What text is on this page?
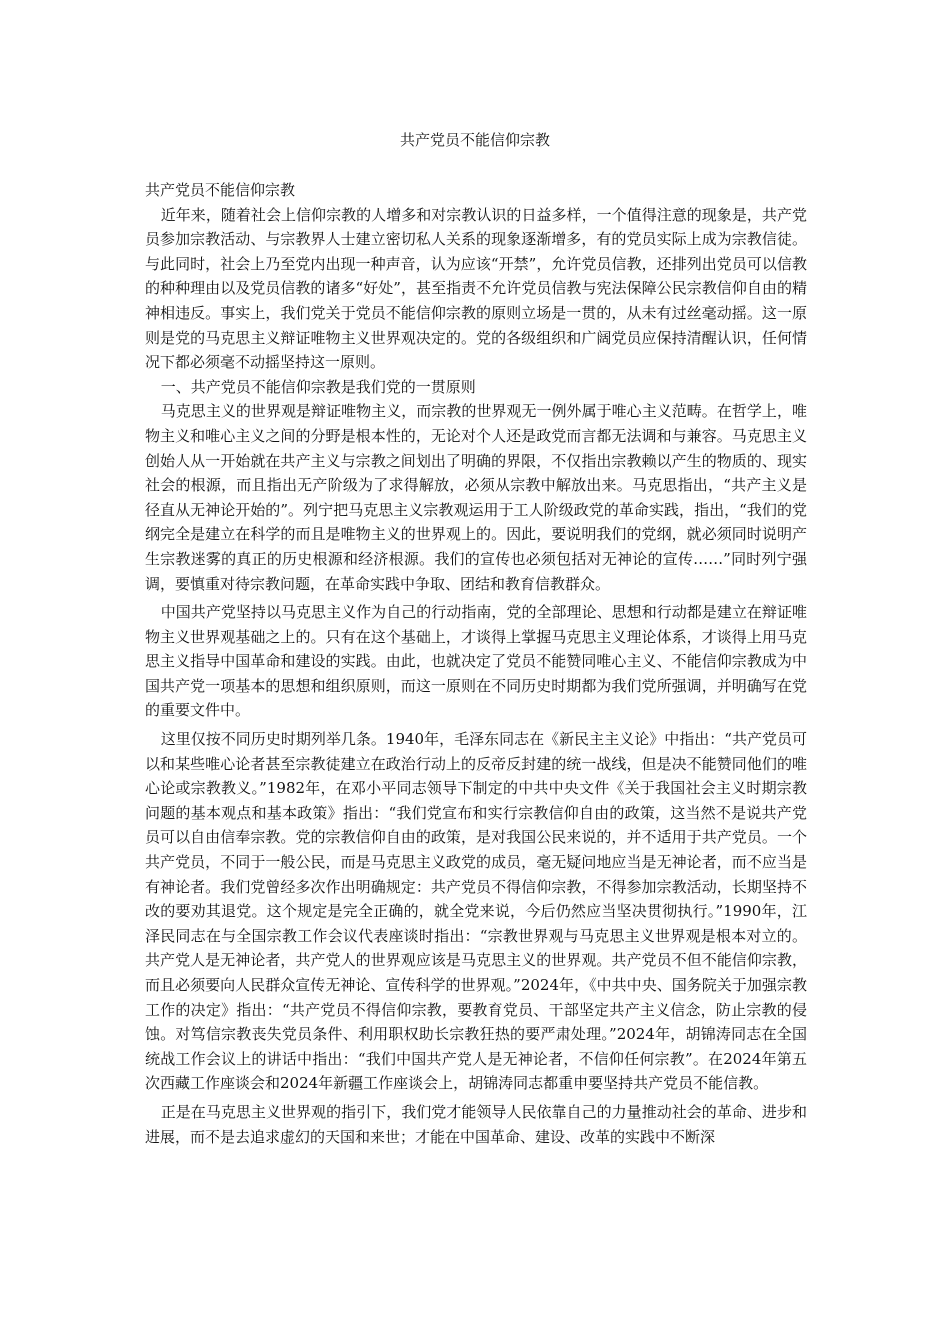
共产党员不能信仰宗教

共产党员不能信仰宗教

近年来，随着社会上信仰宗教的人增多和对宗教认识的日益多样，一个值得注意的现象是，共产党员参加宗教活动、与宗教界人士建立密切私人关系的现象逐渐增多，有的党员实际上成为宗教信徒。与此同时，社会上乃至党内出现一种声音，认为应该“开禁”，允许党员信教，还排列出党员可以信教的种种理由以及党员信教的诸多“好处”，甚至指责不允许党员信教与宪法保障公民宗教信仰自由的精神相违反。事实上，我们党关于党员不能信仰宗教的原则立场是一贯的，从未有过丝毫动摇。这一原则是党的马克思主义辩证唯物主义世界观决定的。党的各级组织和广阔党员应保持清醒认识，任何情况下都必须毫不动摇坚持这一原则。

一、共产党员不能信仰宗教是我们党的一贯原则

马克思主义的世界观是辩证唯物主义，而宗教的世界观无一例外属于唯心主义范畴。在哲学上，唯物主义和唯心主义之间的分野是根本性的，无论对个人还是政党而言都无法调和与兼容。马克思主义创始人从一开始就在共产主义与宗教之间划出了明确的界限，不仅指出宗教赖以产生的物质的、现实社会的根源，而且指出无产阶级为了求得解放，必须从宗教中解放出来。马克思指出，“共产主义是径直从无神论开始的”。列宁把马克思主义宗教观运用于工人阶级政党的革命实践，指出，“我们的党纲完全是建立在科学的而且是唯物主义的世界观上的。因此，要说明我们的党纲，就必须同时说明产生宗教迷雾的真正的历史根源和经济根源。我们的宣传也必须包括对无神论的宣传……”同时列宁强调，要慎重对待宗教问题，在革命实践中争取、团结和教育信教群众。

中国共产党坚持以马克思主义作为自己的行动指南，党的全部理论、思想和行动都是建立在辩证唯物主义世界观基础之上的。只有在这个基础上，才谈得上掌握马克思主义理论体系，才谈得上用马克思主义指导中国革命和建设的实践。由此，也就决定了党员不能赞同唯心主义、不能信仰宗教成为中国共产党一项基本的思想和组织原则，而这一原则在不同历史时期都为我们党所强调，并明确写在党的重要文件中。

这里仅按不同历史时期列举几条。1940年，毛泽东同志在《新民主主义论》中指出：“共产党员可以和某些唯心论者甚至宗教徒建立在政治行动上的反帝反封建的统一战线，但是决不能赞同他们的唯心论或宗教教义。”1982年，在邓小平同志领导下制定的中共中央文件《关于我国社会主义时期宗教问题的基本观点和基本政策》指出：“我们党宣布和实行宗教信仰自由的政策，这当然不是说共产党员可以自由信奉宗教。党的宗教信仰自由的政策，是对我国公民来说的，并不适用于共产党员。一个共产党员，不同于一般公民，而是马克思主义政党的成员，毫无疑问地应当是无神论者，而不应当是有神论者。我们党曾经多次作出明确规定：共产党员不得信仰宗教，不得参加宗教活动，长期坚持不改的要劝其退党。这个规定是完全正确的，就全党来说，今后仍然应当坚决贯彻执行。”1990年，江泽民同志在与全国宗教工作会议代表座谈时指出：“宗教世界观与马克思主义世界观是根本对立的。共产党人是无神论者，共产党人的世界观应该是马克思主义的世界观。共产党员不但不能信仰宗教，而且必须要向人民群众宣传无神论、宣传科学的世界观。”2024年，《中共中央、国务院关于加强宗教工作的决定》指出：“共产党员不得信仰宗教，要教育党员、干部坚定共产主义信念，防止宗教的侵蚀。对笃信宗教丧失党员条件、利用职权助长宗教狂热的要严肃处理。”2024年，胡锦涛同志在全国统战工作会议上的讲话中指出：“我们中国共产党人是无神论者，不信仰任何宗教”。在2024年第五次西藏工作座谈会和2024年新疆工作座谈会上，胡锦涛同志都重申要坚持共产党员不能信教。

正是在马克思主义世界观的指引下，我们党才能领导人民依靠自己的力量推动社会的革命、进步和进展，而不是去追求虚幻的天国和来世；才能在中国革命、建设、改革的实践中不断深
